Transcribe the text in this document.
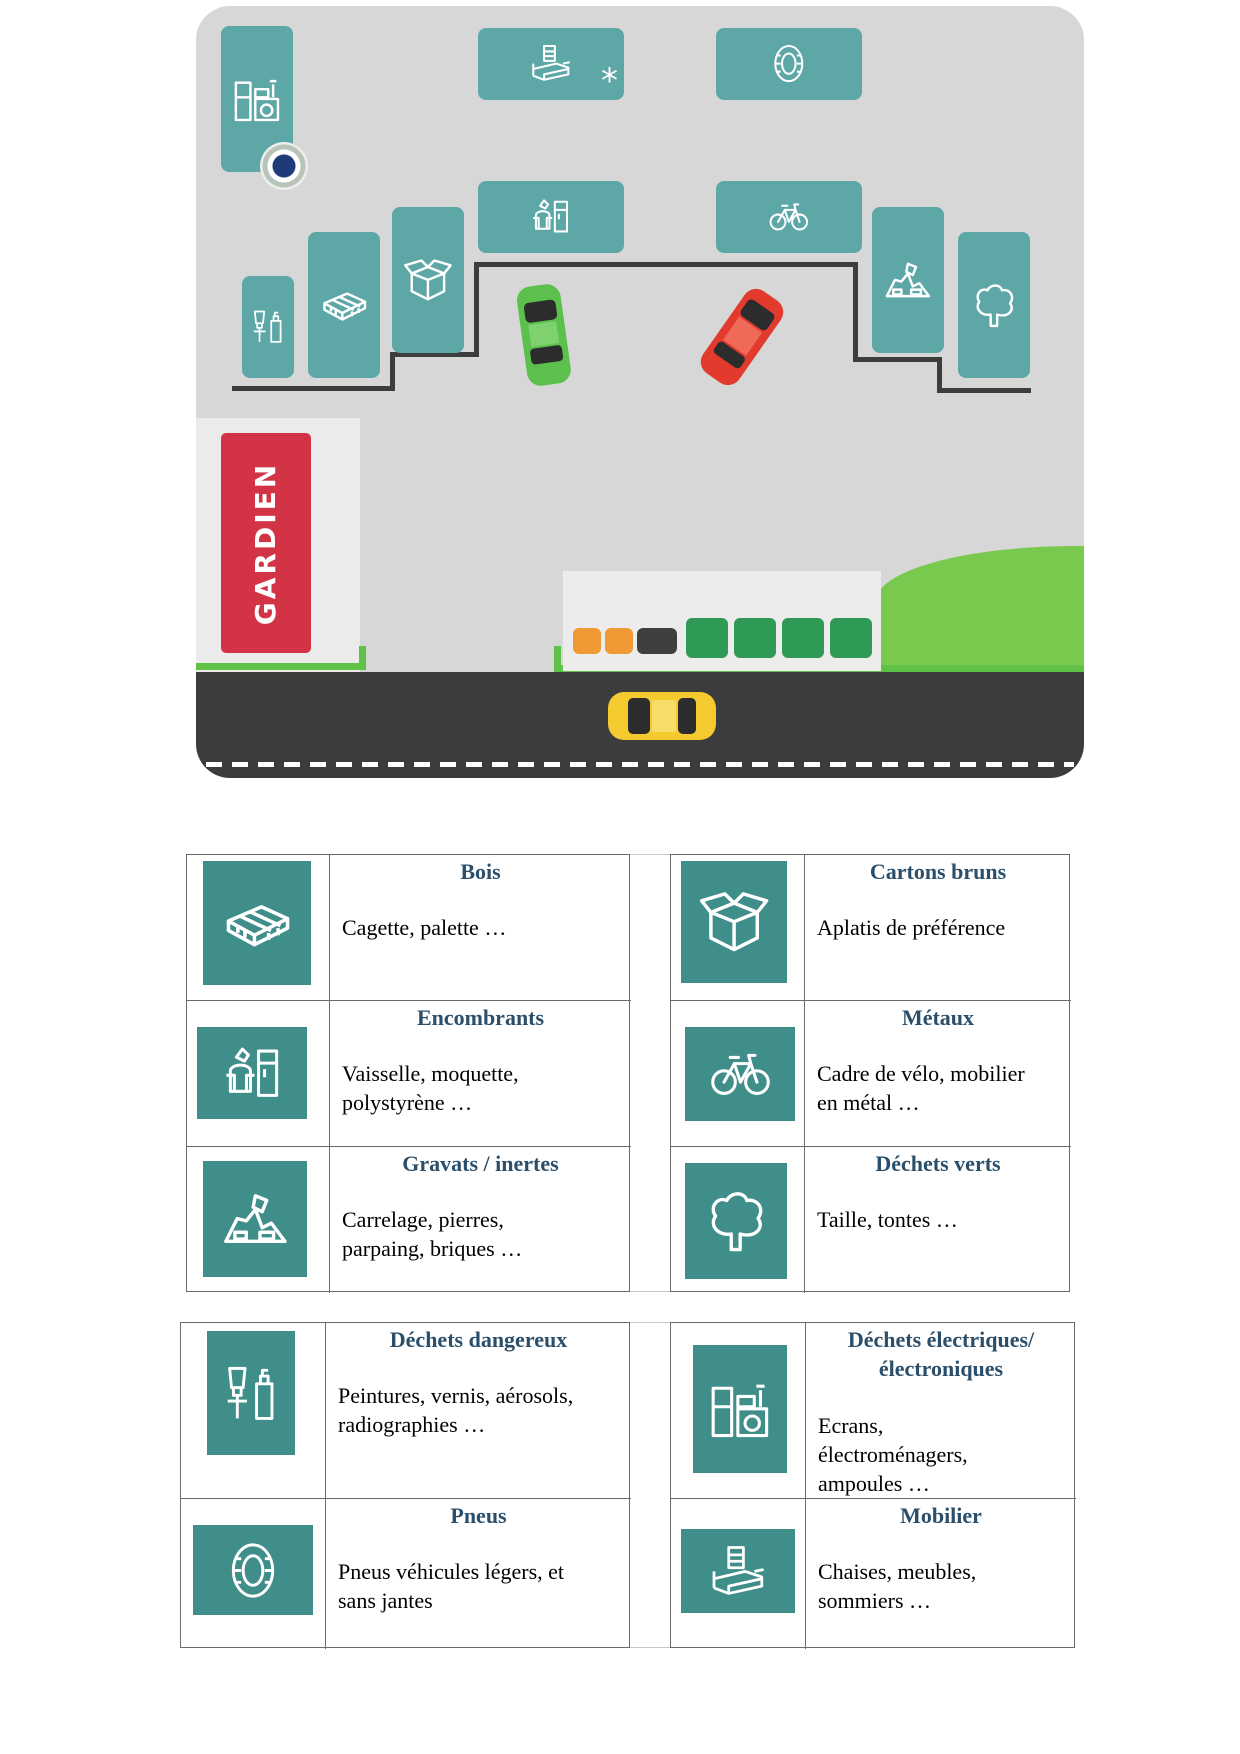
*
GARDIEN
Bois
Cagette, palette …
Encombrants
Vaisselle, moquette,
polystyrène …
Gravats / inertes
Carrelage, pierres,
parpaing, briques …
Cartons bruns
Aplatis de préférence
Métaux
Cadre de vélo, mobilier
en métal …
Déchets verts
Taille, tontes …
Déchets dangereux
Peintures, vernis, aérosols,
radiographies …
Pneus
Pneus véhicules légers, et
sans jantes
Déchets électriques/
électroniques
Ecrans,
électroménagers,
ampoules …
Mobilier
Chaises, meubles,
sommiers …
